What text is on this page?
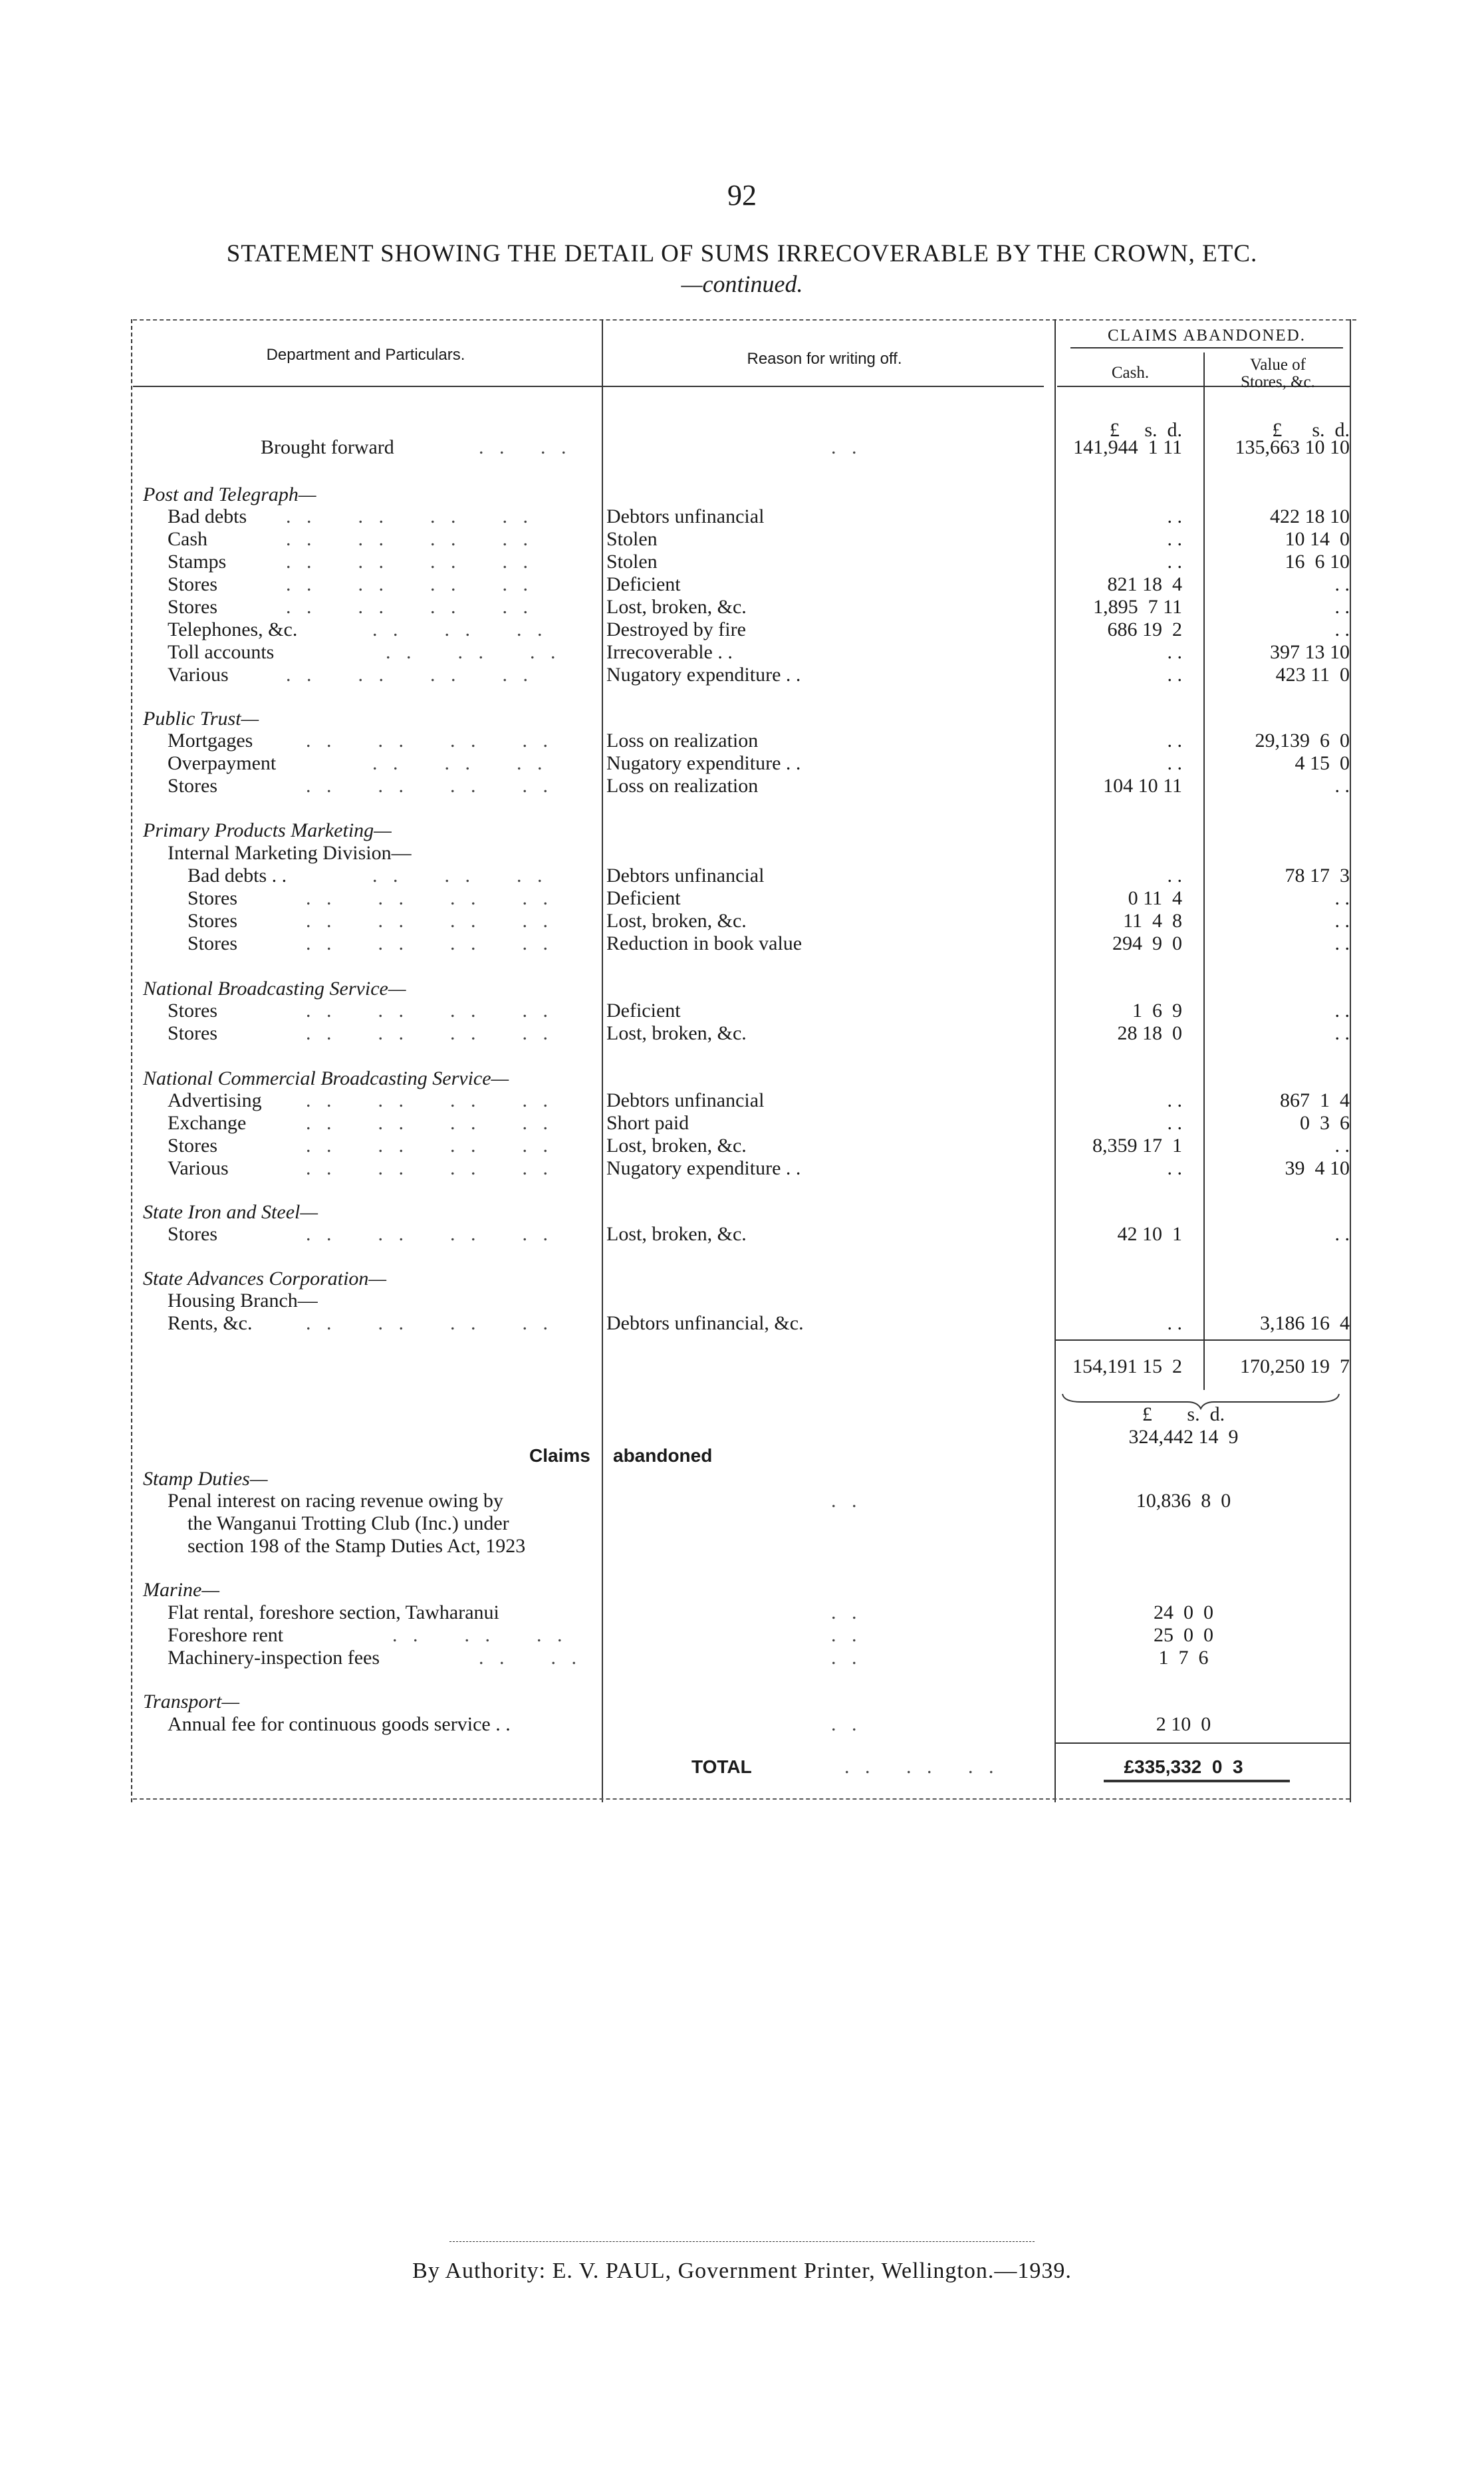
92
STATEMENT SHOWING THE DETAIL OF SUMS IRRECOVERABLE BY THE CROWN, ETC.
—continued.
Department and Particulars.	Reason for writing off.
CLAIMS ABANDONED.
Cash.	Value of
Stores, &c.
£     s.  d.	£      s.  d.
Brought forward	. .   . .	. .	141,944  1 11	135,663 10 10
Post and Telegraph—
Bad debts . .    . .    . .    . .	Debtors unfinancial	. .	422 18 10
Cash	. .    . .    . .    . .	Stolen	. .	10 14  0
Stamps	. .    . .    . .    . .	Stolen	. .	16  6 10
Stores	. .    . .    . .    . .	Deficient	821 18  4	. .
Stores	. .    . .    . .    . .	Lost, broken, &c.	1,895  7 11	. .
Telephones, &c.	. .    . .    . .	Destroyed by fire	686 19  2	. .
Toll accounts	. .    . .    . .	Irrecoverable . .	. .	397 13 10
Various	. .    . .    . .    . .	Nugatory expenditure . .	. .	423 11  0
Public Trust—
Mortgages	. .    . .    . .    . .	Loss on realization	. .	29,139  6  0
Overpayment	. .    . .    . .	Nugatory expenditure . .	. .	4 15  0
Stores	. .    . .    . .    . .	Loss on realization	104 10 11	. .
Primary Products Marketing—
Internal Marketing Division—
Bad debts . .	. .    . .    . .	Debtors unfinancial	. .	78 17  3
Stores	. .    . .    . .    . .	Deficient	0 11  4	. .
Stores	. .    . .    . .    . .	Lost, broken, &c.	11  4  8	. .
Stores	. .    . .    . .    . .	Reduction in book value	294  9  0	. .
National Broadcasting Service—
Stores	. .    . .    . .    . .	Deficient	1  6  9	. .
Stores	. .    . .    . .    . .	Lost, broken, &c.	28 18  0	. .
National Commercial Broadcasting Service—
Advertising . .    . .    . .    . .	Debtors unfinancial	. .	867  1  4
Exchange	. .    . .    . .    . .	Short paid	. .	0  3  6
Stores	. .    . .    . .    . .	Lost, broken, &c.	8,359 17  1	. .
Various	. .    . .    . .    . .	Nugatory expenditure . .	. .	39  4 10
State Iron and Steel—
Stores	. .    . .    . .    . .	Lost, broken, &c.	42 10  1	. .
State Advances Corporation—
Housing Branch—
Rents, &c.	. .    . .    . .    . .	Debtors unfinancial, &c.	. .	3,186 16  4
154,191 15  2	170,250 19  7
£       s.  d.
324,442 14  9
Claims abandoned
Stamp Duties—
Penal interest on racing revenue owing by	. .	10,836  8  0
the Wanganui Trotting Club (Inc.) under
section 198 of the Stamp Duties Act, 1923
Marine—
Flat rental, foreshore section, Tawharanui	. .	24  0  0
Foreshore rent	. .    . .    . .	. .	25  0  0
Machinery-inspection fees	. .    . .	. .	1  7  6
Transport—
Annual fee for continuous goods service . .	. .	2 10  0
TOTAL	. .   . .   . .	£335,332  0  3
By Authority: E. V. PAUL, Government Printer, Wellington.—1939.
